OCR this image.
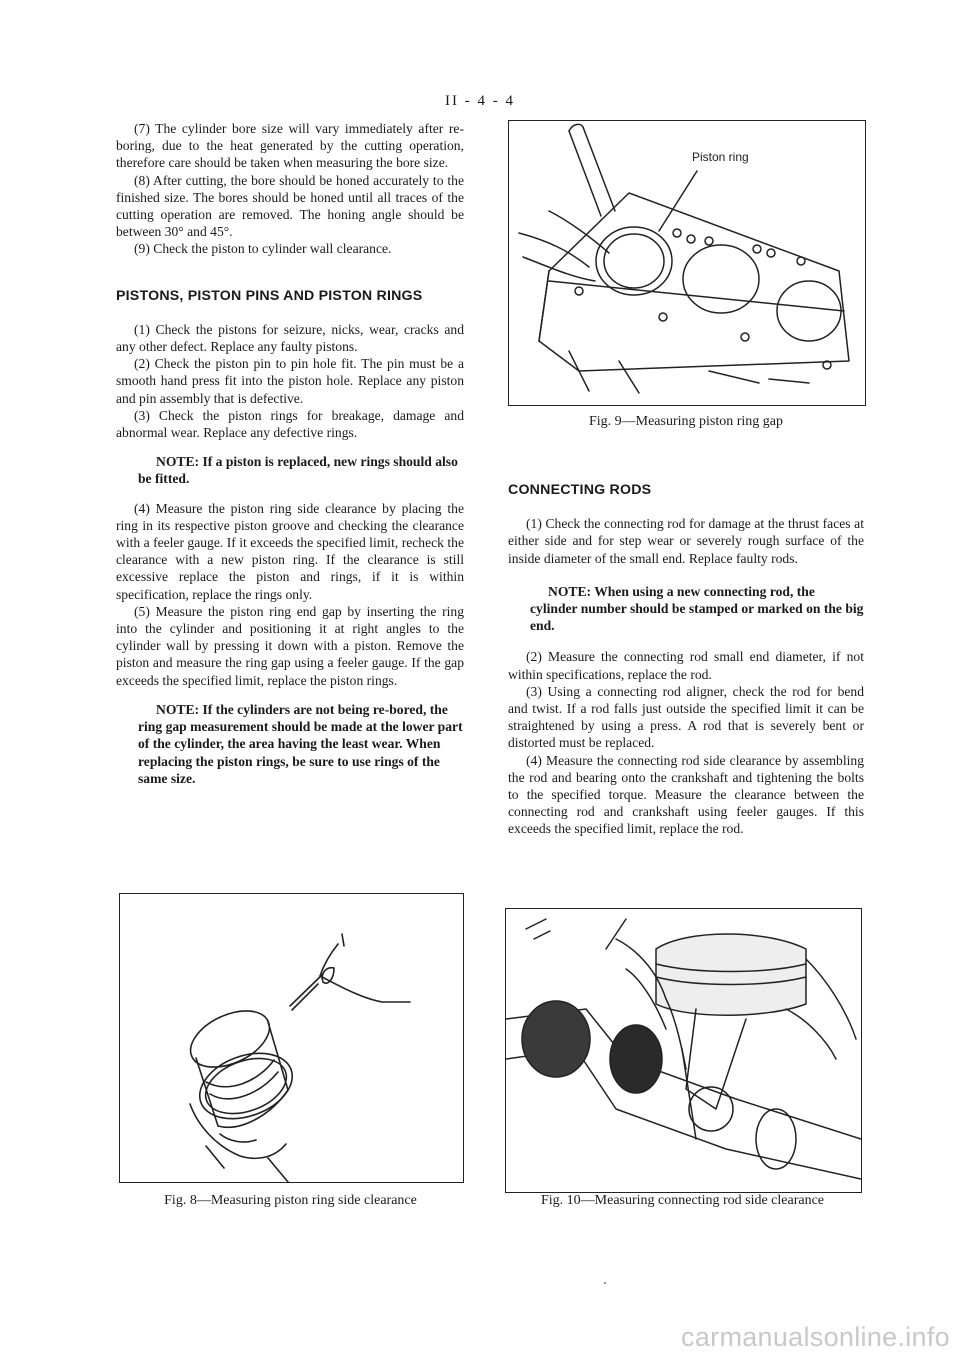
II - 4 - 4

(7) The cylinder bore size will vary immediately after re-boring, due to the heat generated by the cutting operation, therefore care should be taken when measuring the bore size.

(8) After cutting, the bore should be honed accurately to the finished size. The bores should be honed until all traces of the cutting operation are removed. The honing angle should be between 30° and 45°.

(9) Check the piston to cylinder wall clearance.

PISTONS, PISTON PINS AND PISTON RINGS

(1) Check the pistons for seizure, nicks, wear, cracks and any other defect. Replace any faulty pistons.

(2) Check the piston pin to pin hole fit. The pin must be a smooth hand press fit into the piston hole. Replace any piston and pin assembly that is defective.

(3) Check the piston rings for breakage, damage and abnormal wear. Replace any defective rings.

NOTE: If a piston is replaced, new rings should also be fitted.

(4) Measure the piston ring side clearance by placing the ring in its respective piston groove and checking the clearance with a feeler gauge. If it exceeds the specified limit, recheck the clearance with a new piston ring. If the clearance is still excessive replace the piston and rings, if it is within specification, replace the rings only.

(5) Measure the piston ring end gap by inserting the ring into the cylinder and positioning it at right angles to the cylinder wall by pressing it down with a piston. Remove the piston and measure the ring gap using a feeler gauge. If the gap exceeds the specified limit, replace the piston rings.

NOTE: If the cylinders are not being re-bored, the ring gap measurement should be made at the lower part of the cylinder, the area having the least wear. When replacing the piston rings, be sure to use rings of the same size.

Fig. 8—Measuring piston ring side clearance
Piston ring
Fig. 9—Measuring piston ring gap
CONNECTING RODS

(1) Check the connecting rod for damage at the thrust faces at either side and for step wear or severely rough surface of the inside diameter of the small end. Replace faulty rods.

NOTE: When using a new connecting rod, the cylinder number should be stamped or marked on the big end.

(2) Measure the connecting rod small end diameter, if not within specifications, replace the rod.

(3) Using a connecting rod aligner, check the rod for bend and twist. If a rod falls just outside the specified limit it can be straightened by using a press. A rod that is severely bent or distorted must be replaced.

(4) Measure the connecting rod side clearance by assembling the rod and bearing onto the crankshaft and tightening the bolts to the specified torque. Measure the clearance between the connecting rod and crankshaft using feeler gauges. If this exceeds the specified limit, replace the rod.

Fig. 10—Measuring connecting rod side clearance
carmanualsonline.info
